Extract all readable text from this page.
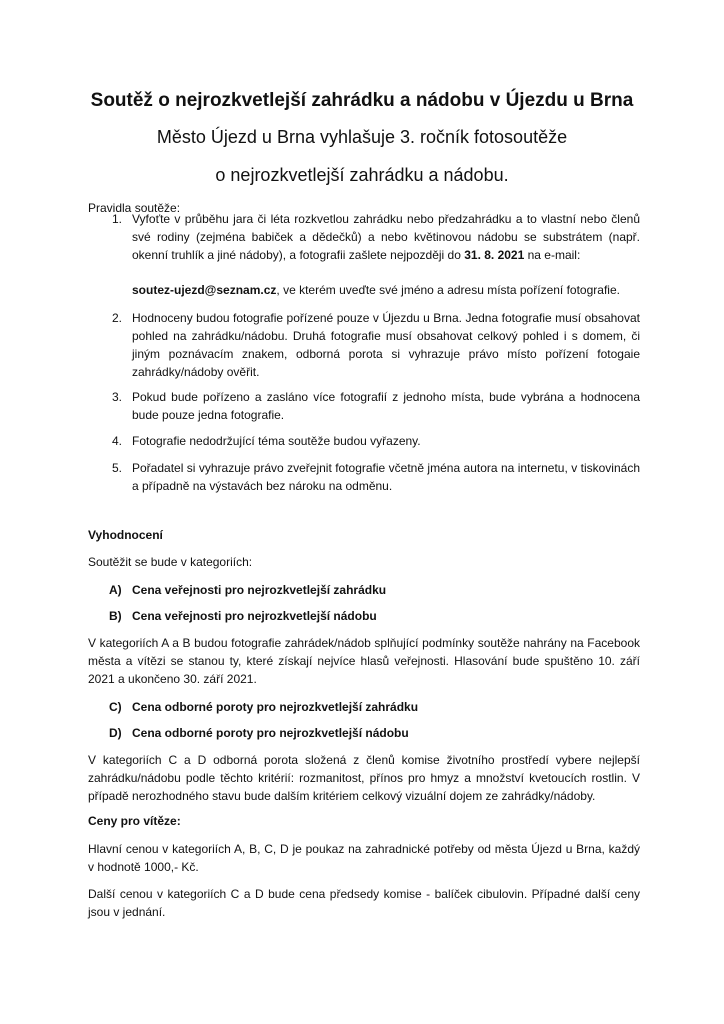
Soutěž o nejrozkvetlejší zahrádku a nádobu v Újezdu u Brna
Město Újezd u Brna vyhlašuje 3. ročník fotosoutěže
o nejrozkvetlejší zahrádku a nádobu.
Pravidla soutěže:
1. Vyfoťte v průběhu jara či léta rozkvetlou zahrádku nebo předzahrádku a to vlastní nebo členů své rodiny (zejména babiček a dědečků) a nebo květinovou nádobu se substrátem (např. okenní truhlík a jiné nádoby), a fotografii zašlete nejpozději do 31. 8. 2021 na e-mail:
soutez-ujezd@seznam.cz, ve kterém uveďte své jméno a adresu místa pořízení fotografie.
2. Hodnoceny budou fotografie pořízené pouze v Újezdu u Brna. Jedna fotografie musí obsahovat pohled na zahrádku/nádobu. Druhá fotografie musí obsahovat celkový pohled i s domem, či jiným poznávacím znakem, odborná porota si vyhrazuje právo místo pořízení fotogaie zahrádky/nádoby ověřit.
3. Pokud bude pořízeno a zasláno více fotografií z jednoho místa, bude vybrána a hodnocena bude pouze jedna fotografie.
4. Fotografie nedodržující téma soutěže budou vyřazeny.
5. Pořadatel si vyhrazuje právo zveřejnit fotografie včetně jména autora na internetu, v tiskovinách a případně na výstavách bez nároku na odměnu.
Vyhodnocení
Soutěžit se bude v kategoriích:
A) Cena veřejnosti pro nejrozkvetlejší zahrádku
B) Cena veřejnosti pro nejrozkvetlejší nádobu
V kategoriích A a B budou fotografie zahrádek/nádob splňující podmínky soutěže nahrány na Facebook města a vítězi se stanou ty, které získají nejvíce hlasů veřejnosti. Hlasování bude spuštěno 10. září 2021 a ukončeno 30. září 2021.
C) Cena odborné poroty pro nejrozkvetlejší zahrádku
D) Cena odborné poroty pro nejrozkvetlejší nádobu
V kategoriích C a D odborná porota složená z členů komise životního prostředí vybere nejlepší zahrádku/nádobu podle těchto kritérií: rozmanitost, přínos pro hmyz a množství kvetoucích rostlin. V případě nerozhodného stavu bude dalším kritériem celkový vizuální dojem ze zahrádky/nádoby.
Ceny pro vítěze:
Hlavní cenou v kategoriích A, B, C, D je poukaz na zahradnické potřeby od města Újezd u Brna, každý v hodnotě 1000,- Kč.
Další cenou v kategoriích C a D bude cena předsedy komise - balíček cibulovin. Případné další ceny jsou v jednání.
